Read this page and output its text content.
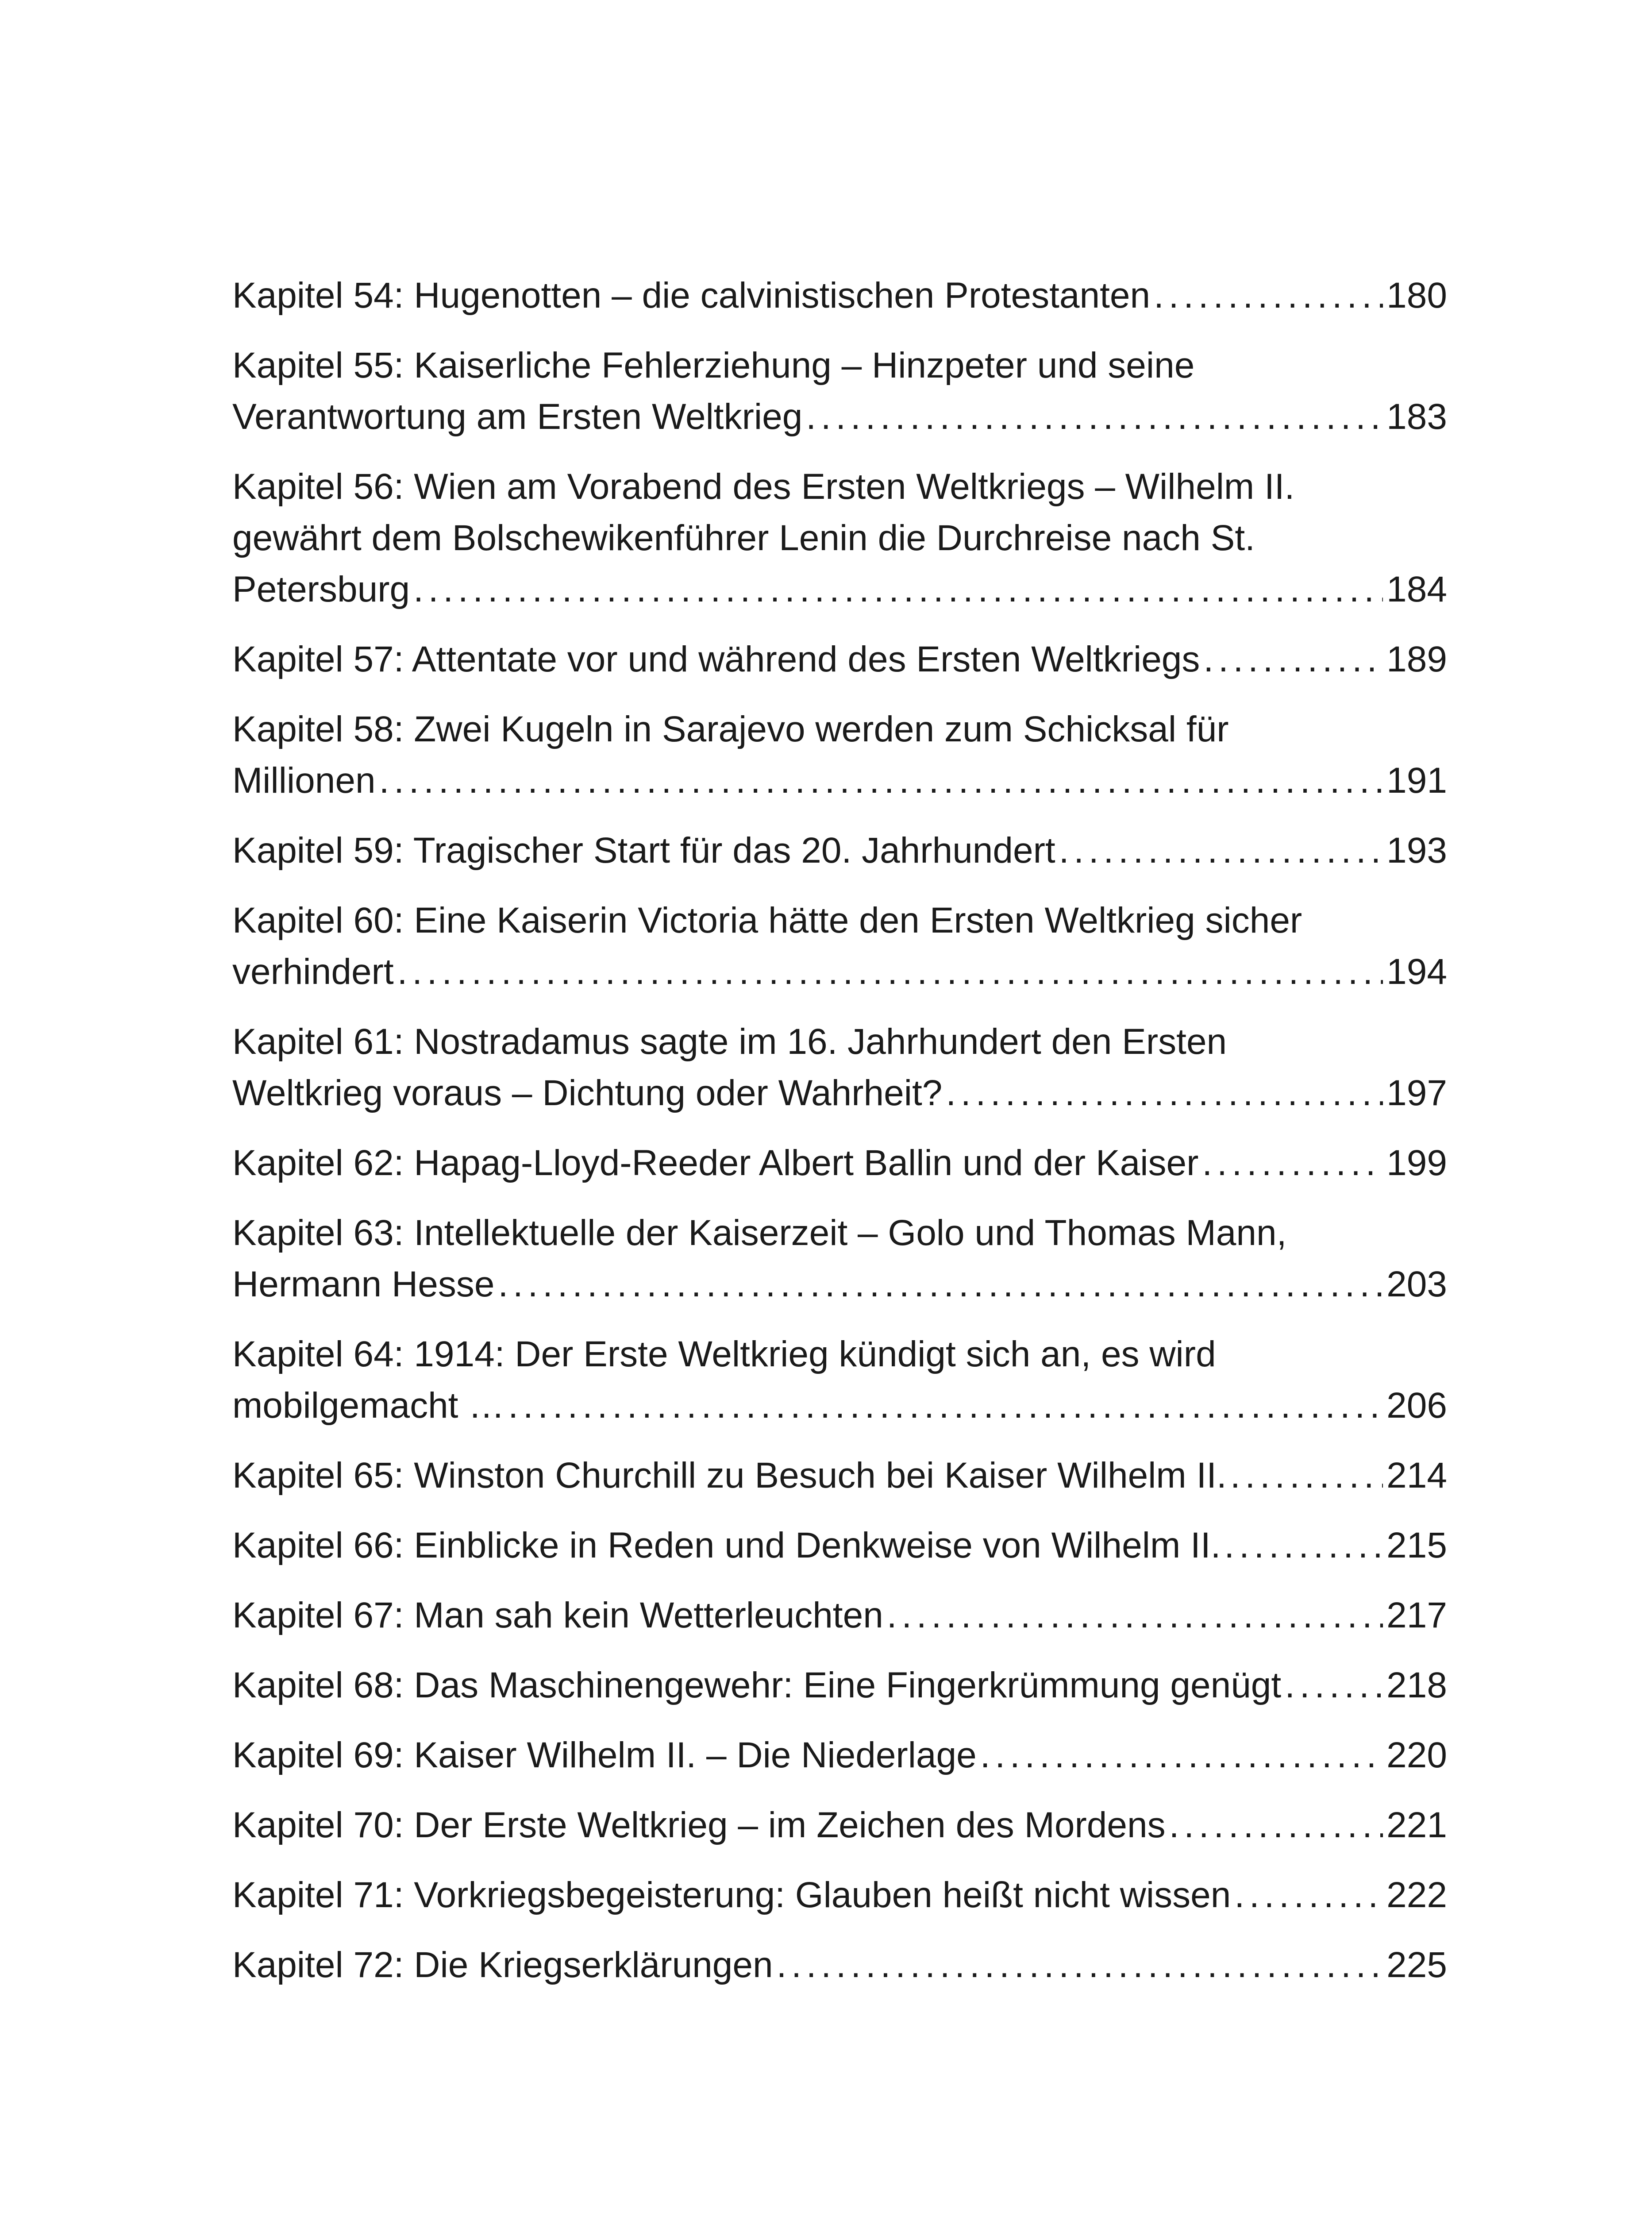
Kapitel 54: Hugenotten – die calvinistischen Protestanten . . .	180
Kapitel 55: Kaiserliche Fehlerziehung – Hinzpeter und seine
Verantwortung am Ersten Weltkrieg . . .	183
Kapitel 56: Wien am Vorabend des Ersten Weltkriegs – Wilhelm II.
gewährt dem Bolschewikenführer Lenin die Durchreise nach St.
Petersburg . . .	184
Kapitel 57: Attentate vor und während des Ersten Weltkriegs . . .	189
Kapitel 58: Zwei Kugeln in Sarajevo werden zum Schicksal für
Millionen . . .	191
Kapitel 59: Tragischer Start für das 20. Jahrhundert . . .	193
Kapitel 60: Eine Kaiserin Victoria hätte den Ersten Weltkrieg sicher
verhindert . . .	194
Kapitel 61: Nostradamus sagte im 16. Jahrhundert den Ersten
Weltkrieg voraus – Dichtung oder Wahrheit? . . .	197
Kapitel 62: Hapag-Lloyd-Reeder Albert Ballin und der Kaiser . . .	199
Kapitel 63: Intellektuelle der Kaiserzeit – Golo und Thomas Mann,
Hermann Hesse . . .	203
Kapitel 64: 1914: Der Erste Weltkrieg kündigt sich an, es wird
mobilgemacht … . . .	206
Kapitel 65: Winston Churchill zu Besuch bei Kaiser Wilhelm II. . . .	214
Kapitel 66: Einblicke in Reden und Denkweise von Wilhelm II. . . .	215
Kapitel 67: Man sah kein Wetterleuchten . . .	217
Kapitel 68: Das Maschinengewehr: Eine Fingerkrümmung genügt . . .	218
Kapitel 69: Kaiser Wilhelm II. – Die Niederlage . . .	220
Kapitel 70: Der Erste Weltkrieg – im Zeichen des Mordens . . .	221
Kapitel 71: Vorkriegsbegeisterung: Glauben heißt nicht wissen . . .	222
Kapitel 72: Die Kriegserklärungen . . .	225
